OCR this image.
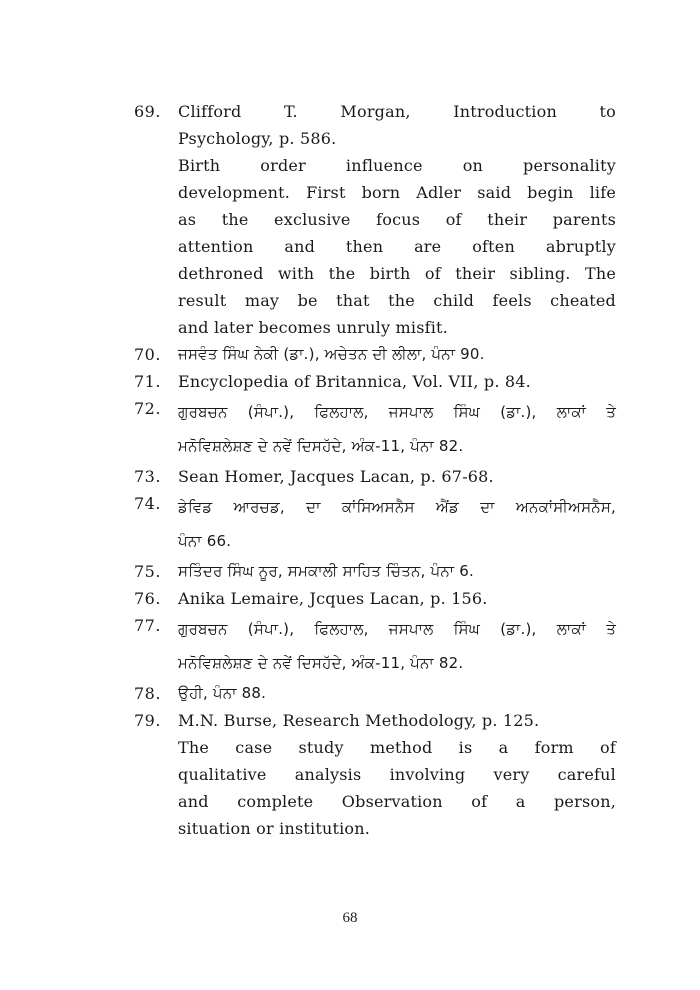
69.	Clifford T. Morgan, Introduction to
Psychology, p. 586.
Birth order influence on personality
development. First born Adler said begin life
as the exclusive focus of their parents
attention and then are often abruptly
dethroned with the birth of their sibling. The
result may be that the child feels cheated
and later becomes unruly misfit.
70.	ਜਸਵੰਤ ਸਿੰਘ ਨੇਕੀ (ਡਾ.), ਅਚੇਤਨ ਦੀ ਲੀਲਾ, ਪੰਨਾ 90.
71.	Encyclopedia of Britannica, Vol. VII, p. 84.
72.	ਗੁਰਬਚਨ (ਸੰਪਾ.), ਫਿਲਹਾਲ, ਜਸਪਾਲ ਸਿੰਘ (ਡਾ.), ਲਾਕਾਂ ਤੇ
ਮਨੋਵਿਸ਼ਲੇਸ਼ਣ ਦੇ ਨਵੇਂ ਦਿਸਹੱਦੇ, ਅੰਕ-11, ਪੰਨਾ 82.
73.	Sean Homer, Jacques Lacan, p. 67-68.
74.	ਡੇਵਿਡ ਆਰਚਡ, ਦਾ ਕਾਂਸਿਅਸਨੈਸ ਐਂਡ ਦਾ ਅਨਕਾਂਸੀਅਸਨੈਸ,
ਪੰਨਾ 66.
75.	ਸਤਿੰਦਰ ਸਿੰਘ ਨੂਰ, ਸਮਕਾਲੀ ਸਾਹਿਤ ਚਿੰਤਨ, ਪੰਨਾ 6.
76.	Anika Lemaire, Jcques Lacan, p. 156.
77.	ਗੁਰਬਚਨ (ਸੰਪਾ.), ਫਿਲਹਾਲ, ਜਸਪਾਲ ਸਿੰਘ (ਡਾ.), ਲਾਕਾਂ ਤੇ
ਮਨੋਵਿਸ਼ਲੇਸ਼ਣ ਦੇ ਨਵੇਂ ਦਿਸਹੱਦੇ, ਅੰਕ-11, ਪੰਨਾ 82.
78.	ਉਹੀ, ਪੰਨਾ 88.
79.	M.N. Burse, Research Methodology, p. 125.
The case study method is a form of
qualitative analysis involving very careful
and complete Observation of a person,
situation or institution.
68
